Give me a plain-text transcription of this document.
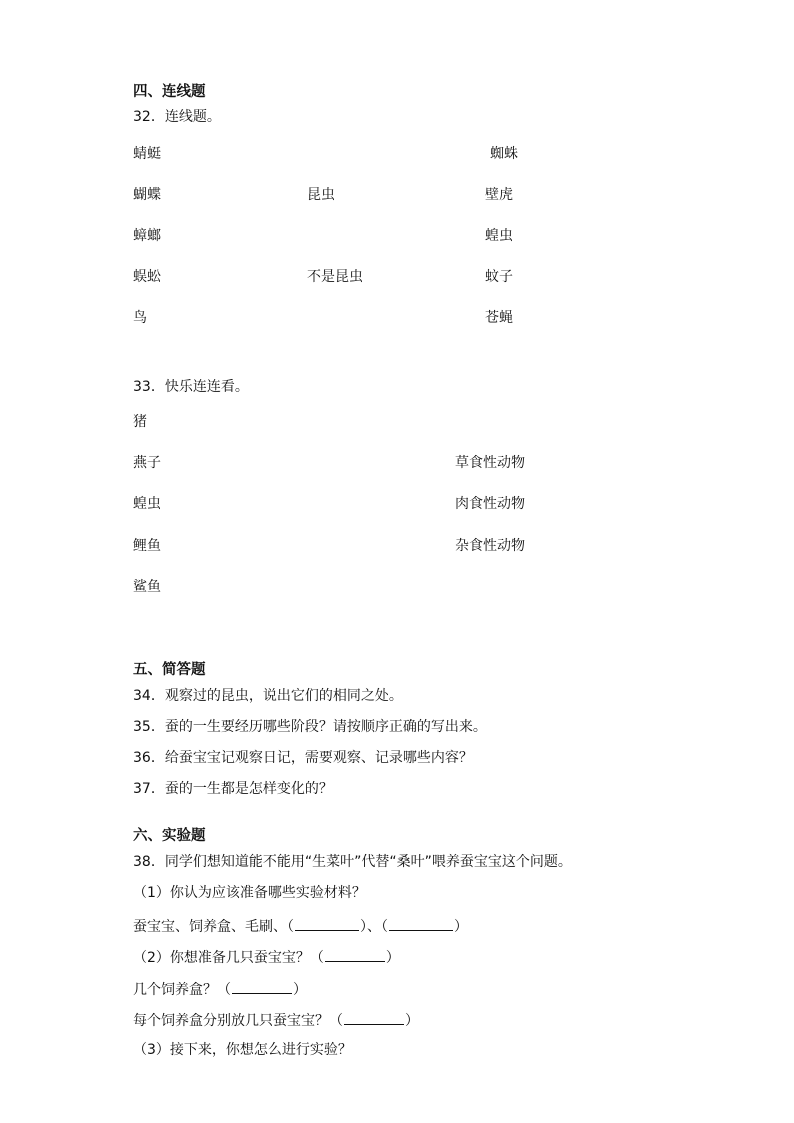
四、连线题
32．连线题。
蜻蜓
蝴蝶
蟑螂
蜈蚣
鸟
昆虫
不是昆虫
蜘蛛
壁虎
蝗虫
蚊子
苍蝇
33．快乐连连看。
猪
燕子
蝗虫
鲤鱼
鲨鱼
草食性动物
肉食性动物
杂食性动物
五、简答题
34．观察过的昆虫，说出它们的相同之处。
35．蚕的一生要经历哪些阶段？请按顺序正确的写出来。
36．给蚕宝宝记观察日记，需要观察、记录哪些内容？
37．蚕的一生都是怎样变化的？
六、实验题
38．同学们想知道能不能用“生菜叶”代替“桑叶”喂养蚕宝宝这个问题。
（1）你认为应该准备哪些实验材料？
蚕宝宝、饲养盒、毛刷、（	）、（	）
（2）你想准备几只蚕宝宝？（	）
几个饲养盒？（	）
每个饲养盒分别放几只蚕宝宝？（	）
（3）接下来，你想怎么进行实验？
